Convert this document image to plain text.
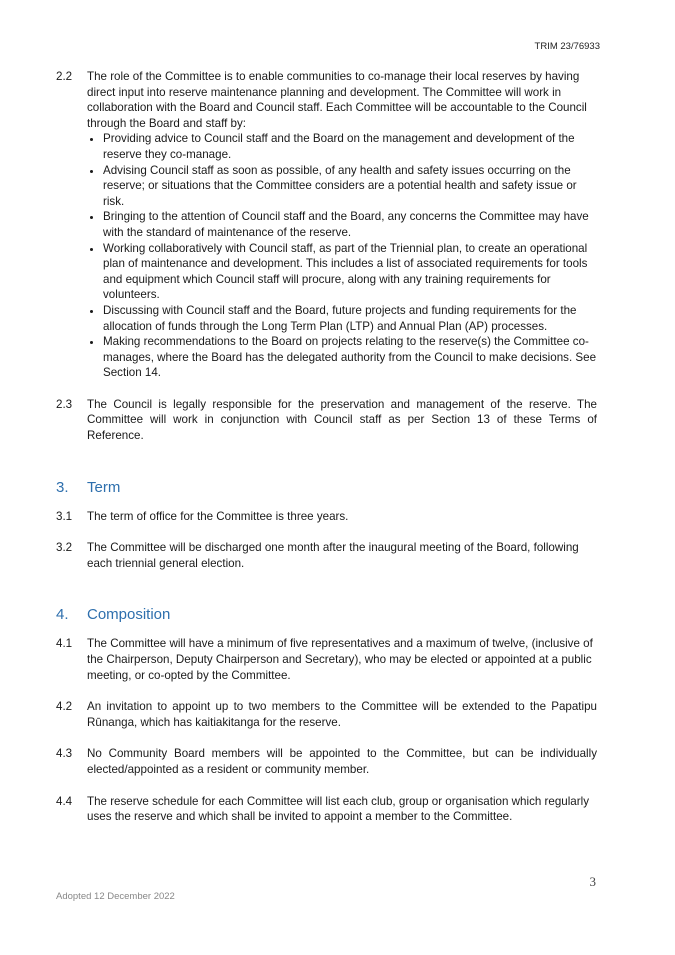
TRIM 23/76933
2.2	The role of the Committee is to enable communities to co-manage their local reserves by having direct input into reserve maintenance planning and development. The Committee will work in collaboration with the Board and Council staff. Each Committee will be accountable to the Council through the Board and staff by:

• Providing advice to Council staff and the Board on the management and development of the reserve they co-manage.
• Advising Council staff as soon as possible, of any health and safety issues occurring on the reserve; or situations that the Committee considers are a potential health and safety issue or risk.
• Bringing to the attention of Council staff and the Board, any concerns the Committee may have with the standard of maintenance of the reserve.
• Working collaboratively with Council staff, as part of the Triennial plan, to create an operational plan of maintenance and development. This includes a list of associated requirements for tools and equipment which Council staff will procure, along with any training requirements for volunteers.
• Discussing with Council staff and the Board, future projects and funding requirements for the allocation of funds through the Long Term Plan (LTP) and Annual Plan (AP) processes.
• Making recommendations to the Board on projects relating to the reserve(s) the Committee co-manages, where the Board has the delegated authority from the Council to make decisions. See Section 14.
2.3	The Council is legally responsible for the preservation and management of the reserve. The Committee will work in conjunction with Council staff as per Section 13 of these Terms of Reference.
3.	Term
3.1	The term of office for the Committee is three years.
3.2	The Committee will be discharged one month after the inaugural meeting of the Board, following each triennial general election.
4.	Composition
4.1	The Committee will have a minimum of five representatives and a maximum of twelve, (inclusive of the Chairperson, Deputy Chairperson and Secretary), who may be elected or appointed at a public meeting, or co-opted by the Committee.
4.2	An invitation to appoint up to two members to the Committee will be extended to the Papatipu Rūnanga, which has kaitiakitanga for the reserve.
4.3	No Community Board members will be appointed to the Committee, but can be individually elected/appointed as a resident or community member.
4.4	The reserve schedule for each Committee will list each club, group or organisation which regularly uses the reserve and which shall be invited to appoint a member to the Committee.
3
Adopted 12 December 2022
